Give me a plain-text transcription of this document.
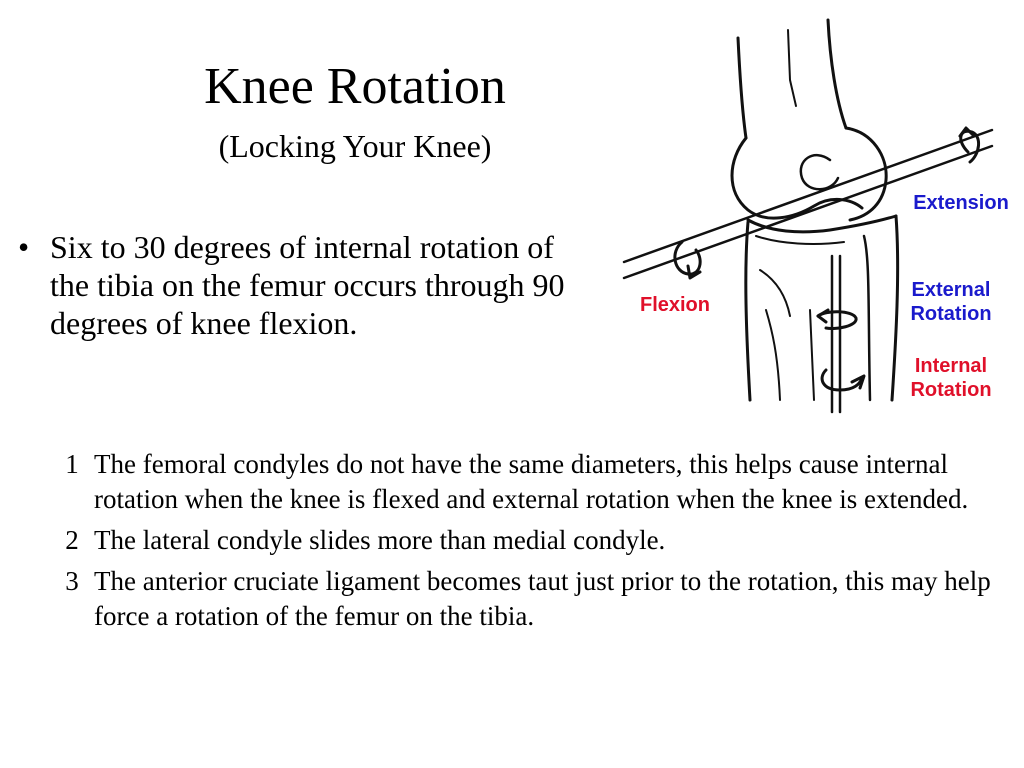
Knee Rotation
(Locking Your Knee)
• Six to 30 degrees of internal rotation of the tibia on the femur occurs through 90 degrees of knee flexion.
1 The femoral condyles do not have the same diameters, this helps cause internal rotation when the knee is flexed and external rotation when the knee is extended.
2 The lateral condyle slides more than medial condyle.
3 The anterior cruciate ligament becomes taut just prior to the rotation, this may help force a rotation of the femur on the tibia.
Extension
Flexion
External
Rotation
Internal
Rotation
